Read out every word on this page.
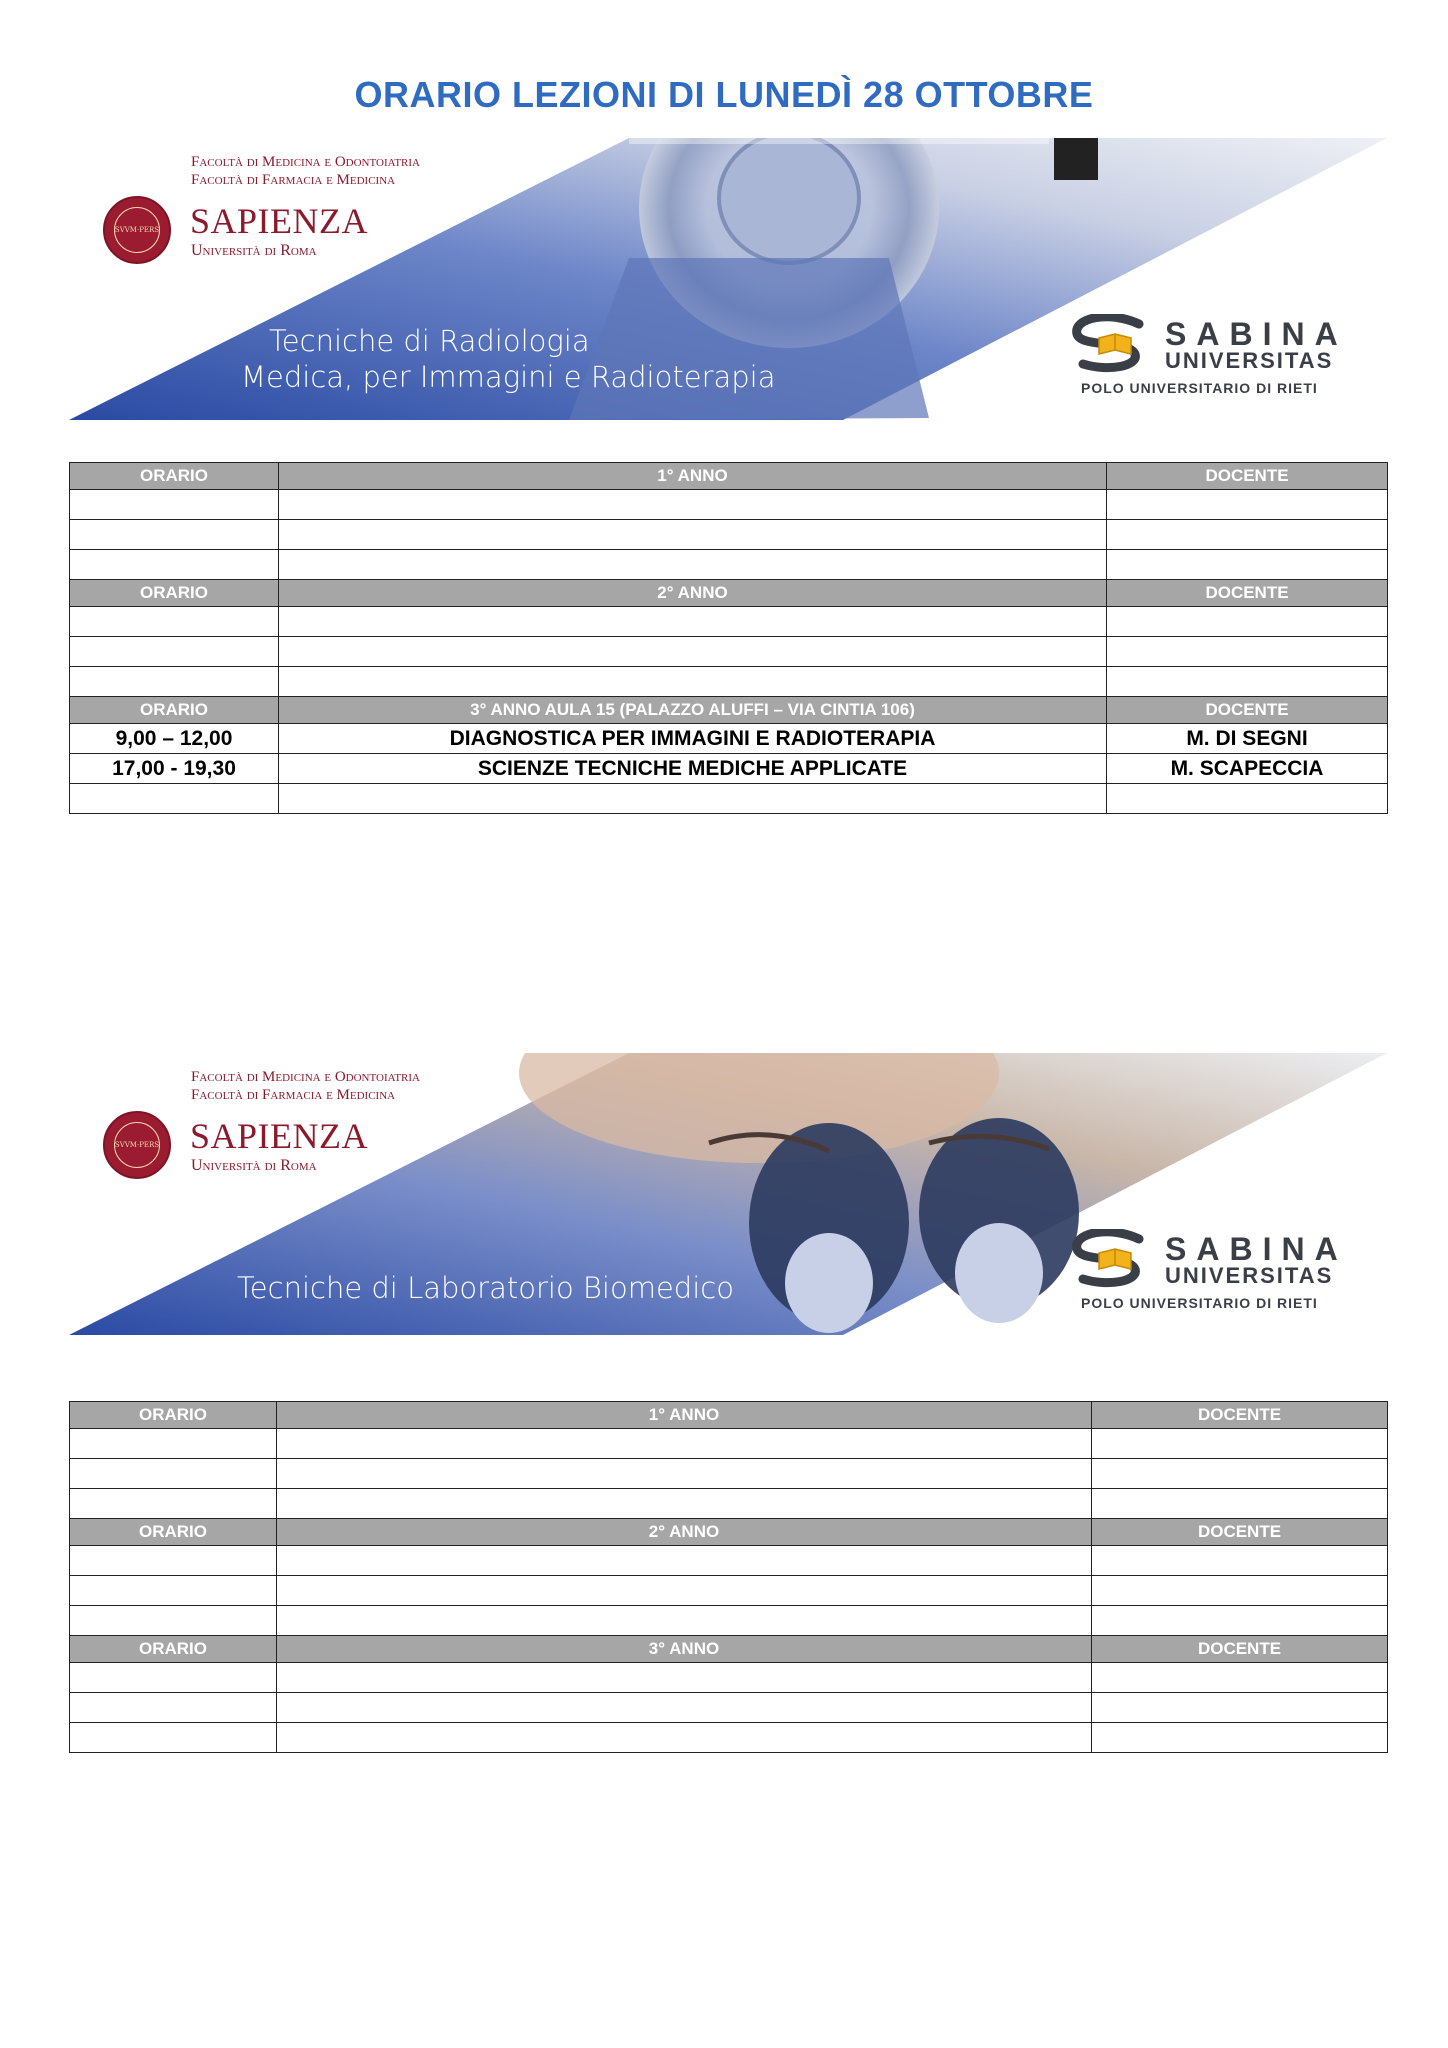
ORARIO LEZIONI DI LUNEDÌ 28 OTTOBRE
SVVM·PERS
Facoltà di Medicina e Odontoiatria
Facoltà di Farmacia e Medicina
SAPIENZA
Università di Roma
Tecniche di Radiologia
Medica, per Immagini e Radioterapia
SABINA
UNIVERSITAS
POLO UNIVERSITARIO DI RIETI
ORARIO	1° ANNO	DOCENTE

ORARIO	2° ANNO	DOCENTE

ORARIO	3° ANNO AULA 15 (PALAZZO ALUFFI – VIA CINTIA 106)	DOCENTE
9,00 – 12,00	DIAGNOSTICA PER IMMAGINI E RADIOTERAPIA	M. DI SEGNI
17,00 - 19,30	SCIENZE TECNICHE MEDICHE APPLICATE	M. SCAPECCIA

SVVM·PERS
Facoltà di Medicina e Odontoiatria
Facoltà di Farmacia e Medicina
SAPIENZA
Università di Roma
Tecniche di Laboratorio Biomedico
SABINA
UNIVERSITAS
POLO UNIVERSITARIO DI RIETI
ORARIO	1° ANNO	DOCENTE

ORARIO	2° ANNO	DOCENTE

ORARIO	3° ANNO	DOCENTE
